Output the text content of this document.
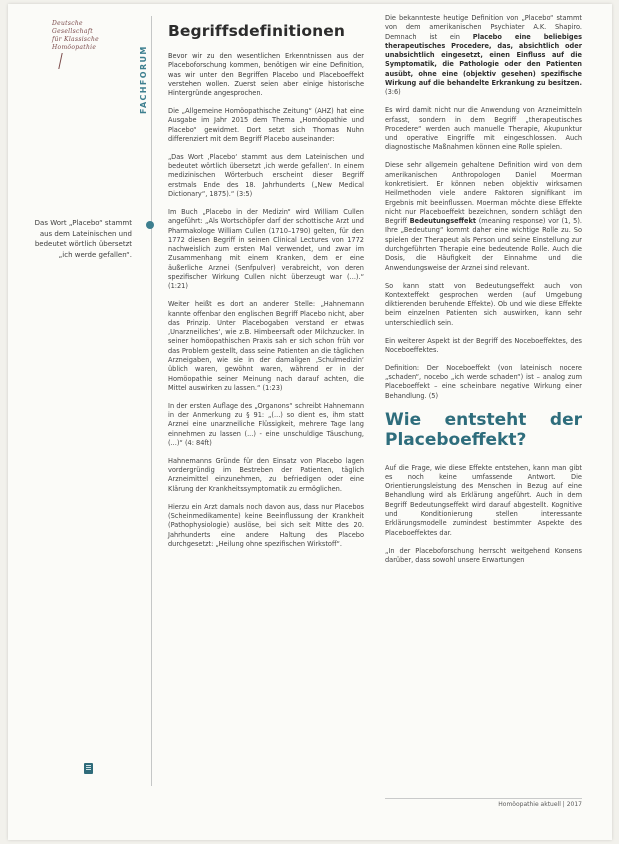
Deutsche
Gesellschaft
für Klassische
Homöopathie	FACHFORUM
Das Wort „Placebo“ stammt aus dem Lateinischen und bedeutet wörtlich übersetzt „ich werde gefallen“.
Begriffsdefinitionen

Bevor wir zu den wesentlichen Erkenntnissen aus der Placeboforschung kommen, benötigen wir eine Definition, was wir unter den Begriffen Placebo und Placeboeffekt verstehen wollen. Zuerst seien aber einige historische Hintergründe angesprochen.

Die „Allgemeine Homöopathische Zeitung“ (AHZ) hat eine Ausgabe im Jahr 2015 dem Thema „Homöopathie und Placebo“ gewidmet. Dort setzt sich Thomas Nuhn differenziert mit dem Begriff Placebo auseinander:

„Das Wort ‚Placebo‘ stammt aus dem Lateinischen und bedeutet wörtlich übersetzt ‚ich werde gefallen‘. In einem medizinischen Wörterbuch erscheint dieser Begriff erstmals Ende des 18. Jahrhunderts („New Medical Dictionary“, 1875).“ (3:5)

Im Buch „Placebo in der Medizin“ wird William Cullen angeführt: „Als Wortschöpfer darf der schottische Arzt und Pharmakologe William Cullen (1710–1790) gelten, für den 1772 diesen Begriff in seinen Clinical Lectures von 1772 nachweislich zum ersten Mal verwendet, und zwar im Zusammenhang mit einem Kranken, dem er eine äußerliche Arznei (Senfpulver) verabreicht, von deren spezifischer Wirkung Cullen nicht überzeugt war (...).“ (1:21)

Weiter heißt es dort an anderer Stelle: „Hahnemann kannte offenbar den englischen Begriff Placebo nicht, aber das Prinzip. Unter Placebogaben verstand er etwas ‚Unarzneiliches‘, wie z.B. Himbeersaft oder Milchzucker. In seiner homöopathischen Praxis sah er sich schon früh vor das Problem gestellt, dass seine Patienten an die täglichen Arzneigaben, wie sie in der damaligen ‚Schulmedizin‘ üblich waren, gewöhnt waren, während er in der Homöopathie seiner Meinung nach darauf achten, die Mittel auswirken zu lassen.“ (1:23)

In der ersten Auflage des „Organons“ schreibt Hahnemann in der Anmerkung zu § 91: „(...) so dient es, ihm statt Arznei eine unarzneiliche Flüssigkeit, mehrere Tage lang einnehmen zu lassen (...) - eine unschuldige Täuschung, (...)“ (4: 84ft)

Hahnemanns Gründe für den Einsatz von Placebo lagen vordergründig im Bestreben der Patienten, täglich Arzneimittel einzunehmen, zu befriedigen oder eine Klärung der Krankheitssymptomatik zu ermöglichen.

Hierzu ein Arzt damals noch davon aus, dass nur Placebos (Scheinmedikamente) keine Beeinflussung der Krankheit (Pathophysiologie) auslöse, bei sich seit Mitte des 20. Jahrhunderts eine andere Haltung des Placebo durchgesetzt: „Heilung ohne spezifischen Wirkstoff“.

Die bekannteste heutige Definition von „Placebo“ stammt von dem amerikanischen Psychiater A.K. Shapiro. Demnach ist ein Placebo eine beliebiges therapeutisches Procedere, das, absichtlich oder unabsichtlich eingesetzt, einen Einfluss auf die Symptomatik, die Pathologie oder den Patienten ausübt, ohne eine (objektiv gesehen) spezifische Wirkung auf die behandelte Erkrankung zu besitzen. (3:6)

Es wird damit nicht nur die Anwendung von Arzneimitteln erfasst, sondern in dem Begriff „therapeutisches Procedere“ werden auch manuelle Therapie, Akupunktur und operative Eingriffe mit eingeschlossen. Auch diagnostische Maßnahmen können eine Rolle spielen.

Diese sehr allgemein gehaltene Definition wird von dem amerikanischen Anthropologen Daniel Moerman konkretisiert. Er können neben objektiv wirksamen Heilmethoden viele andere Faktoren signifikant im Ergebnis mit beeinflussen. Moerman möchte diese Effekte nicht nur Placeboeffekt bezeichnen, sondern schlägt den Begriff Bedeutungseffekt (meaning response) vor (1, 5). Ihre „Bedeutung“ kommt daher eine wichtige Rolle zu. So spielen der Therapeut als Person und seine Einstellung zur durchgeführten Therapie eine bedeutende Rolle. Auch die Dosis, die Häufigkeit der Einnahme und die Anwendungsweise der Arznei sind relevant.

So kann statt von Bedeutungseffekt auch von Kontexteffekt gesprochen werden (auf Umgebung diktierenden beruhende Effekte). Ob und wie diese Effekte beim einzelnen Patienten sich auswirken, kann sehr unterschiedlich sein.

Ein weiterer Aspekt ist der Begriff des Noceboeffektes, des Noceboeffektes.

Definition: Der Noceboeffekt (von lateinisch nocere „schaden“, nocebo „ich werde schaden“) ist – analog zum Placeboeffekt – eine scheinbare negative Wirkung einer Behandlung. (5)

Wie entsteht der Placeboeffekt?

Auf die Frage, wie diese Effekte entstehen, kann man gibt es noch keine umfassende Antwort. Die Orientierungsleistung des Menschen in Bezug auf eine Behandlung wird als Erklärung angeführt. Auch in dem Begriff Bedeutungseffekt wird darauf abgestellt. Kognitive und Konditionierung stellen interessante Erklärungsmodelle zumindest bestimmter Aspekte des Placeboeffektes dar.

„In der Placeboforschung herrscht weitgehend Konsens darüber, dass sowohl unsere Erwartungen

Homöopathie aktuell | 2017
